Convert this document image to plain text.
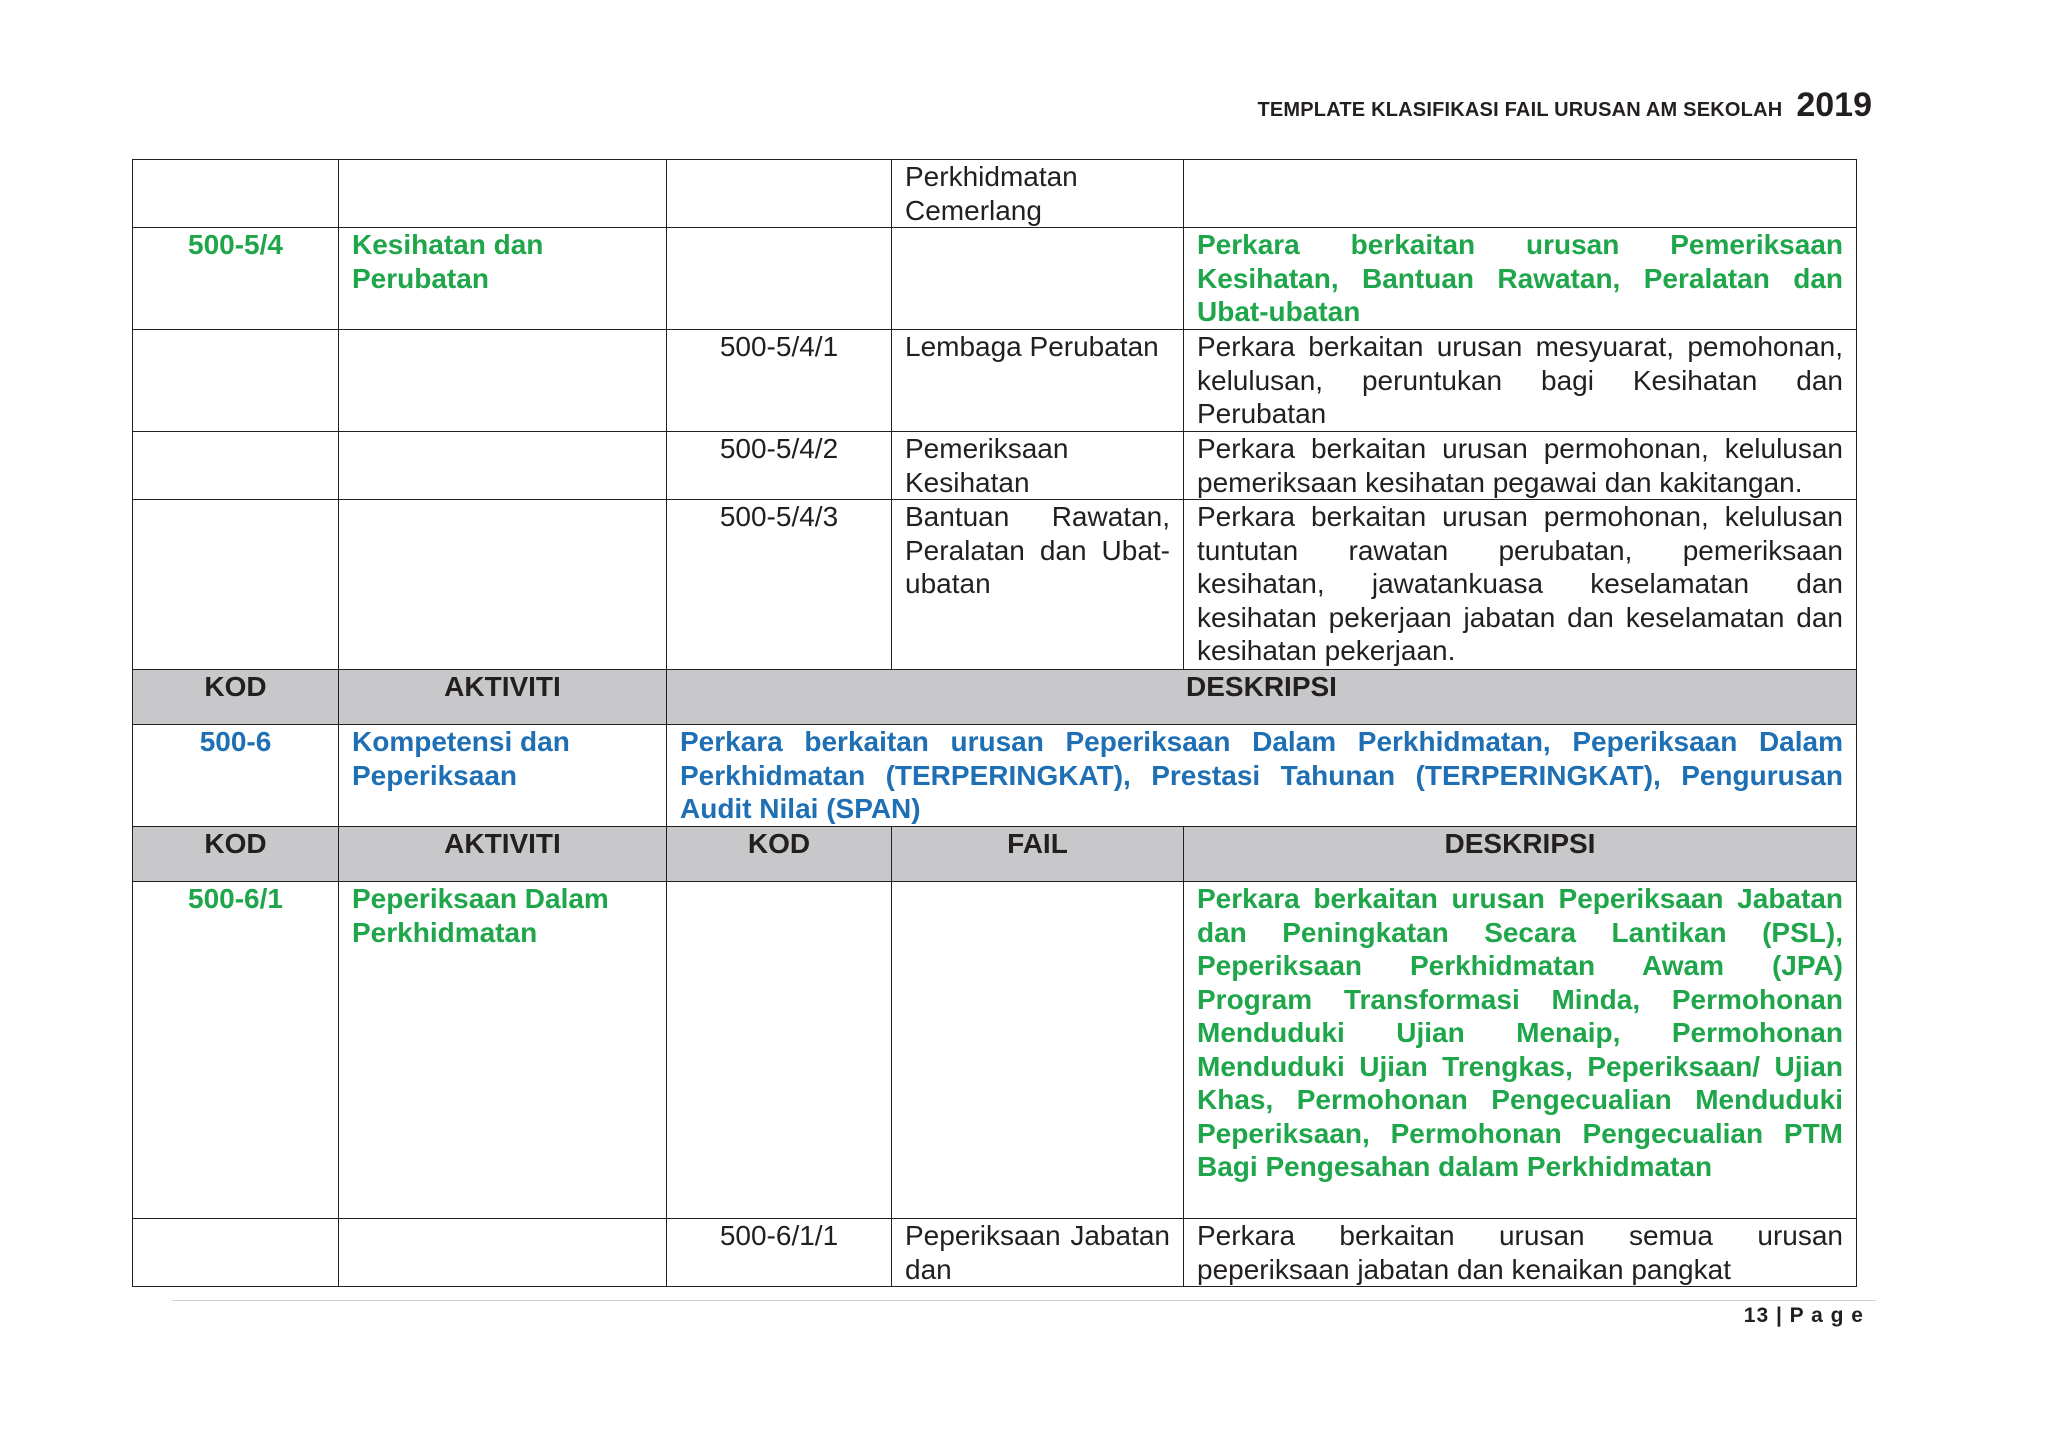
TEMPLATE KLASIFIKASI FAIL URUSAN AM SEKOLAH 2019
			Perkhidmatan Cemerlang	
500-5/4	Kesihatan dan Perubatan			Perkara berkaitan urusan Pemeriksaan Kesihatan, Bantuan Rawatan, Peralatan dan Ubat-ubatan
		500-5/4/1	Lembaga Perubatan	Perkara berkaitan urusan mesyuarat, pemohonan, kelulusan, peruntukan bagi Kesihatan dan Perubatan
		500-5/4/2	Pemeriksaan Kesihatan	Perkara berkaitan urusan permohonan, kelulusan pemeriksaan kesihatan pegawai dan kakitangan.
		500-5/4/3	Bantuan Rawatan, Peralatan dan Ubat-ubatan	Perkara berkaitan urusan permohonan, kelulusan tuntutan rawatan perubatan, pemeriksaan kesihatan, jawatankuasa keselamatan dan kesihatan pekerjaan jabatan dan keselamatan dan kesihatan pekerjaan.
KOD	AKTIVITI	DESKRIPSI		
500-6	Kompetensi dan Peperiksaan	Perkara berkaitan urusan Peperiksaan Dalam Perkhidmatan, Peperiksaan Dalam Perkhidmatan (TERPERINGKAT), Prestasi Tahunan (TERPERINGKAT), Pengurusan Audit Nilai (SPAN)		
KOD	AKTIVITI	KOD	FAIL	DESKRIPSI
500-6/1	Peperiksaan Dalam Perkhidmatan			Perkara berkaitan urusan Peperiksaan Jabatan dan Peningkatan Secara Lantikan (PSL), Peperiksaan Perkhidmatan Awam (JPA) Program Transformasi Minda, Permohonan Menduduki Ujian Menaip, Permohonan Menduduki Ujian Trengkas, Peperiksaan/ Ujian Khas, Permohonan Pengecualian Menduduki Peperiksaan, Permohonan Pengecualian PTM Bagi Pengesahan dalam Perkhidmatan
		500-6/1/1	Peperiksaan Jabatan dan	Perkara berkaitan urusan semua urusan peperiksaan jabatan dan kenaikan pangkat
13 | P a g e
